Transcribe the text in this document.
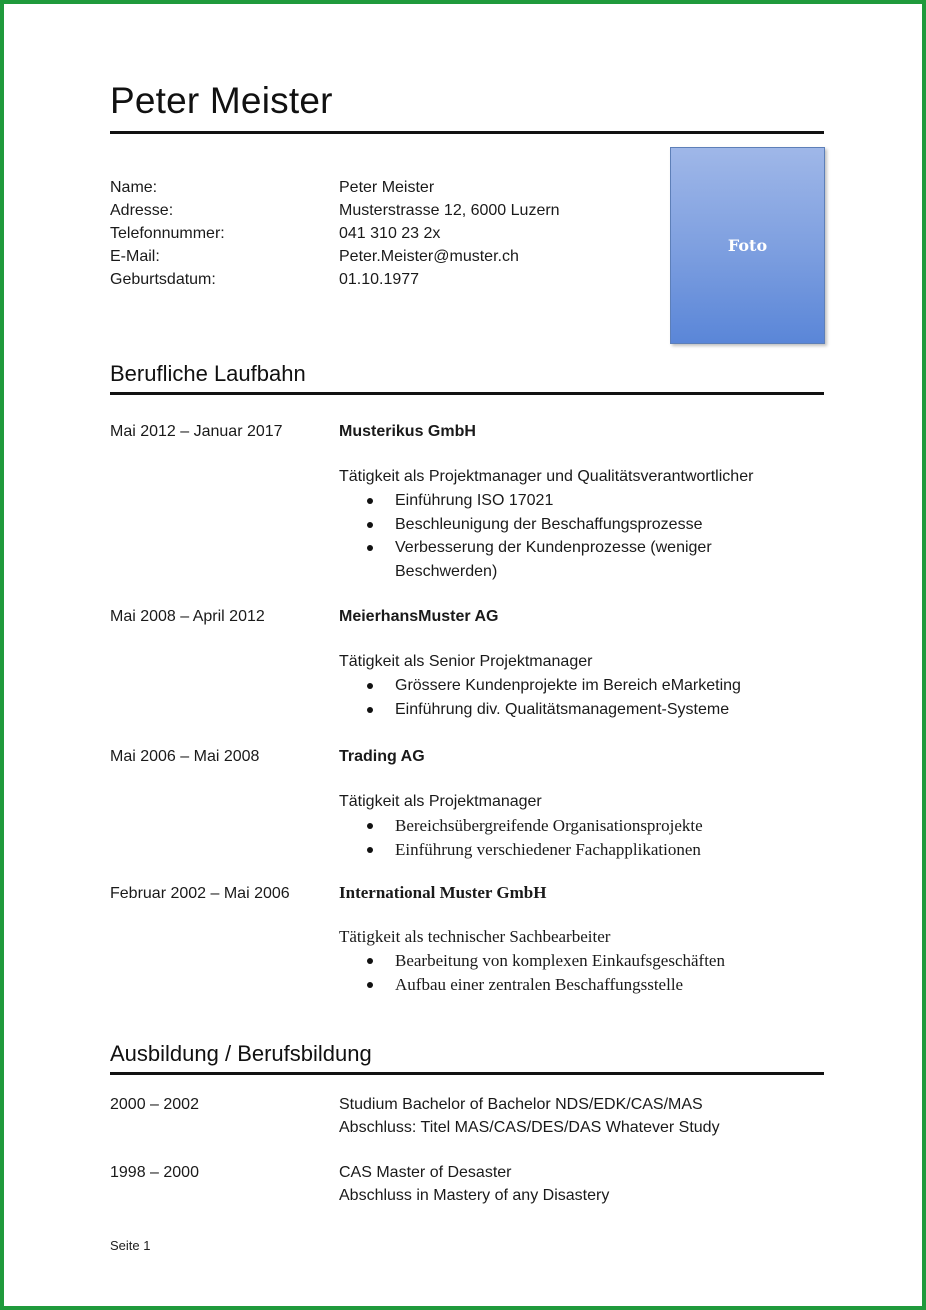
Peter Meister
Name:	Peter Meister
Adresse:	Musterstrasse 12, 6000 Luzern
Telefonnummer:	041 310 23 2x
E-Mail:	Peter.Meister@muster.ch
Geburtsdatum:	01.10.1977
Foto
Berufliche Laufbahn
Mai 2012 – Januar 2017	Musterikus GmbH
Tätigkeit als Projektmanager und Qualitätsverantwortlicher
Einführung ISO 17021
Beschleunigung der Beschaffungsprozesse
Verbesserung der Kundenprozesse (weniger Beschwerden)
Mai 2008 – April 2012	MeierhansMuster AG
Tätigkeit als Senior Projektmanager
Grössere Kundenprojekte im Bereich eMarketing
Einführung div. Qualitätsmanagement-Systeme
Mai 2006 – Mai 2008	Trading AG
Tätigkeit als Projektmanager
Bereichsübergreifende Organisationsprojekte
Einführung verschiedener Fachapplikationen
Februar 2002 – Mai 2006	International Muster GmbH
Tätigkeit als technischer Sachbearbeiter
Bearbeitung von komplexen Einkaufsgeschäften
Aufbau einer zentralen Beschaffungsstelle
Ausbildung / Berufsbildung
2000 – 2002	Studium Bachelor of Bachelor NDS/EDK/CAS/MAS
Abschluss: Titel MAS/CAS/DES/DAS Whatever Study
1998 – 2000	CAS Master of Desaster
Abschluss in Mastery of any Disastery
Seite 1
